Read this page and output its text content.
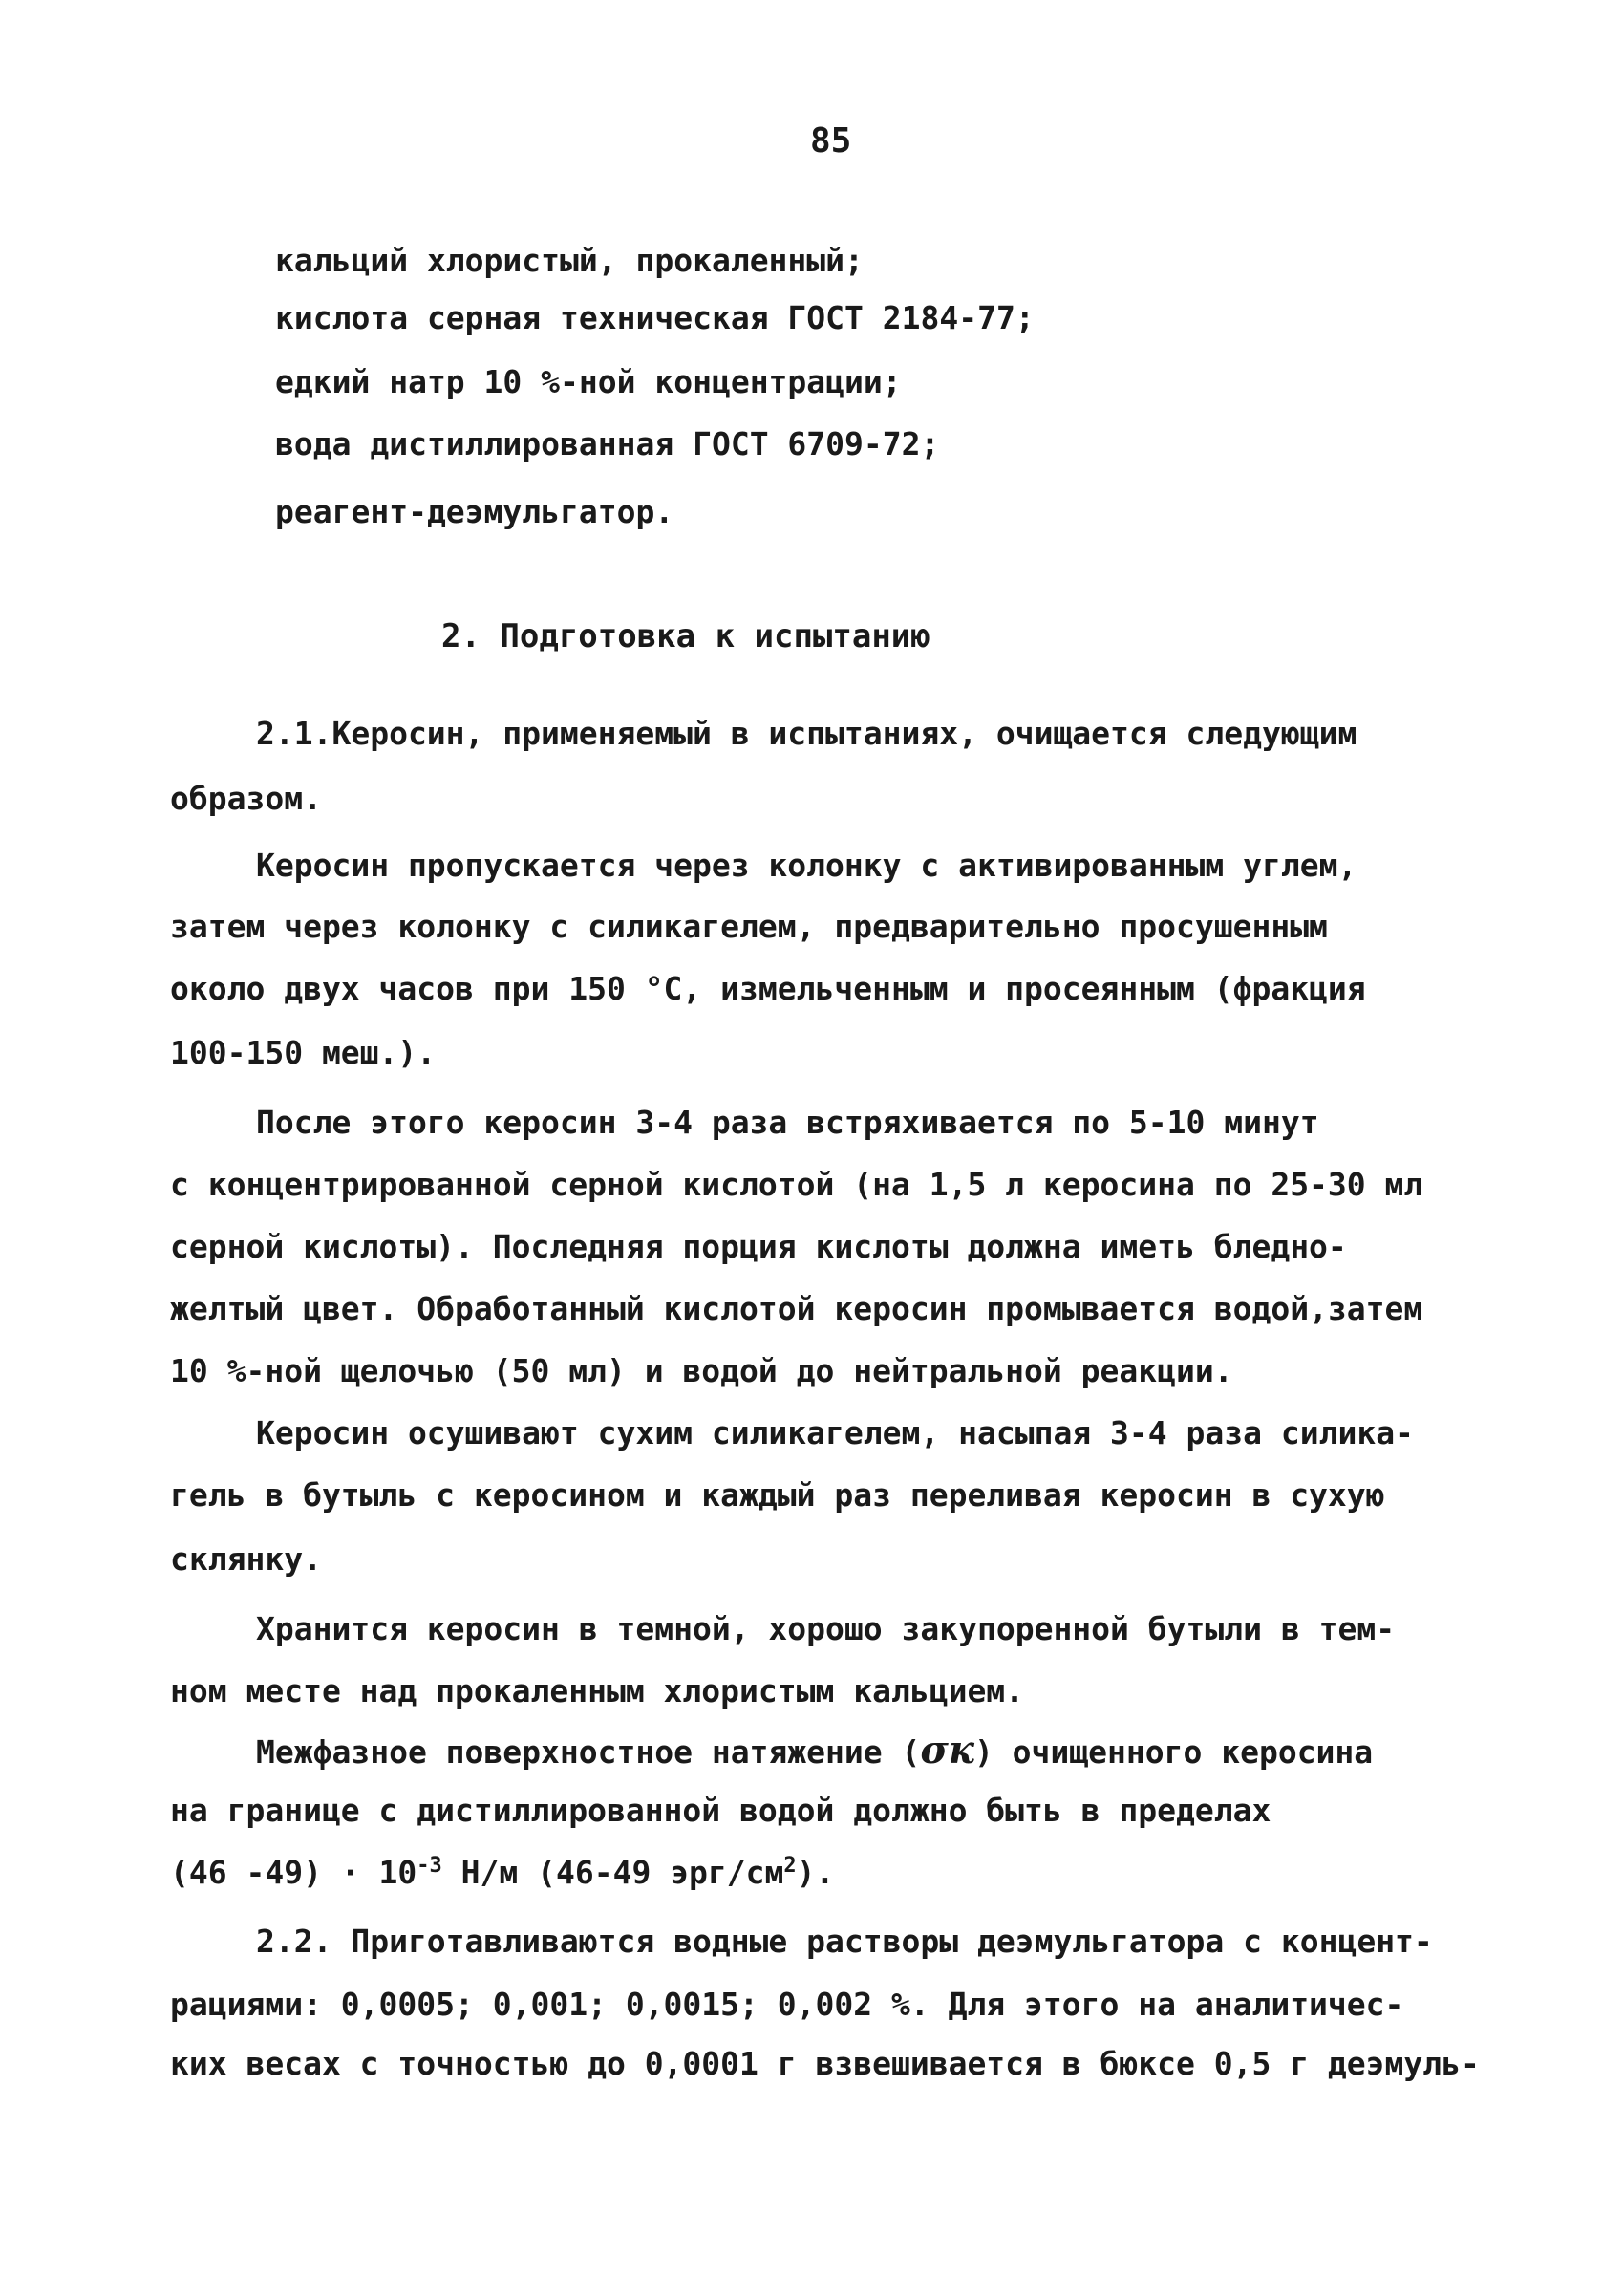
85
кальций хлористый, прокаленный;
кислота серная техническая ГОСТ 2184-77;
едкий натр 10 %-ной концентрации;
вода дистиллированная ГОСТ 6709-72;
реагент-деэмульгатор.
2. Подготовка к испытанию
2.1.Керосин, применяемый в испытаниях, очищается следующим
образом.
Керосин пропускается через колонку с активированным углем,
затем через колонку с силикагелем, предварительно просушенным
около двух часов при 150 °С, измельченным и просеянным (фракция
100-150 меш.).
После этого керосин 3-4 раза встряхивается по 5-10 минут
с концентрированной серной кислотой (на 1,5 л керосина по 25-30 мл
серной кислоты). Последняя порция кислоты должна иметь бледно-
желтый цвет. Обработанный кислотой керосин промывается водой,затем
10 %-ной щелочью (50 мл) и водой до нейтральной реакции.
Керосин осушивают сухим силикагелем, насыпая 3-4 раза силика-
гель в бутыль с керосином и каждый раз переливая керосин в сухую
склянку.
Хранится керосин в темной, хорошо закупоренной бутыли в тем-
ном месте над прокаленным хлористым кальцием.
Межфазное поверхностное натяжение (σк) очищенного керосина
на границе с дистиллированной водой должно быть в пределах
(46 $-49) \cdot 10^{-3}$ Н/м (46-49 эрг/$см^2$).
2.2. Приготавливаются водные растворы деэмульгатора с концент-
рациями: 0,0005; 0,001; 0,0015; 0,002 %. Для этого на аналитичес-
ких весах с точностью до 0,0001 г взвешивается в бюксе 0,5 г деэмуль-
